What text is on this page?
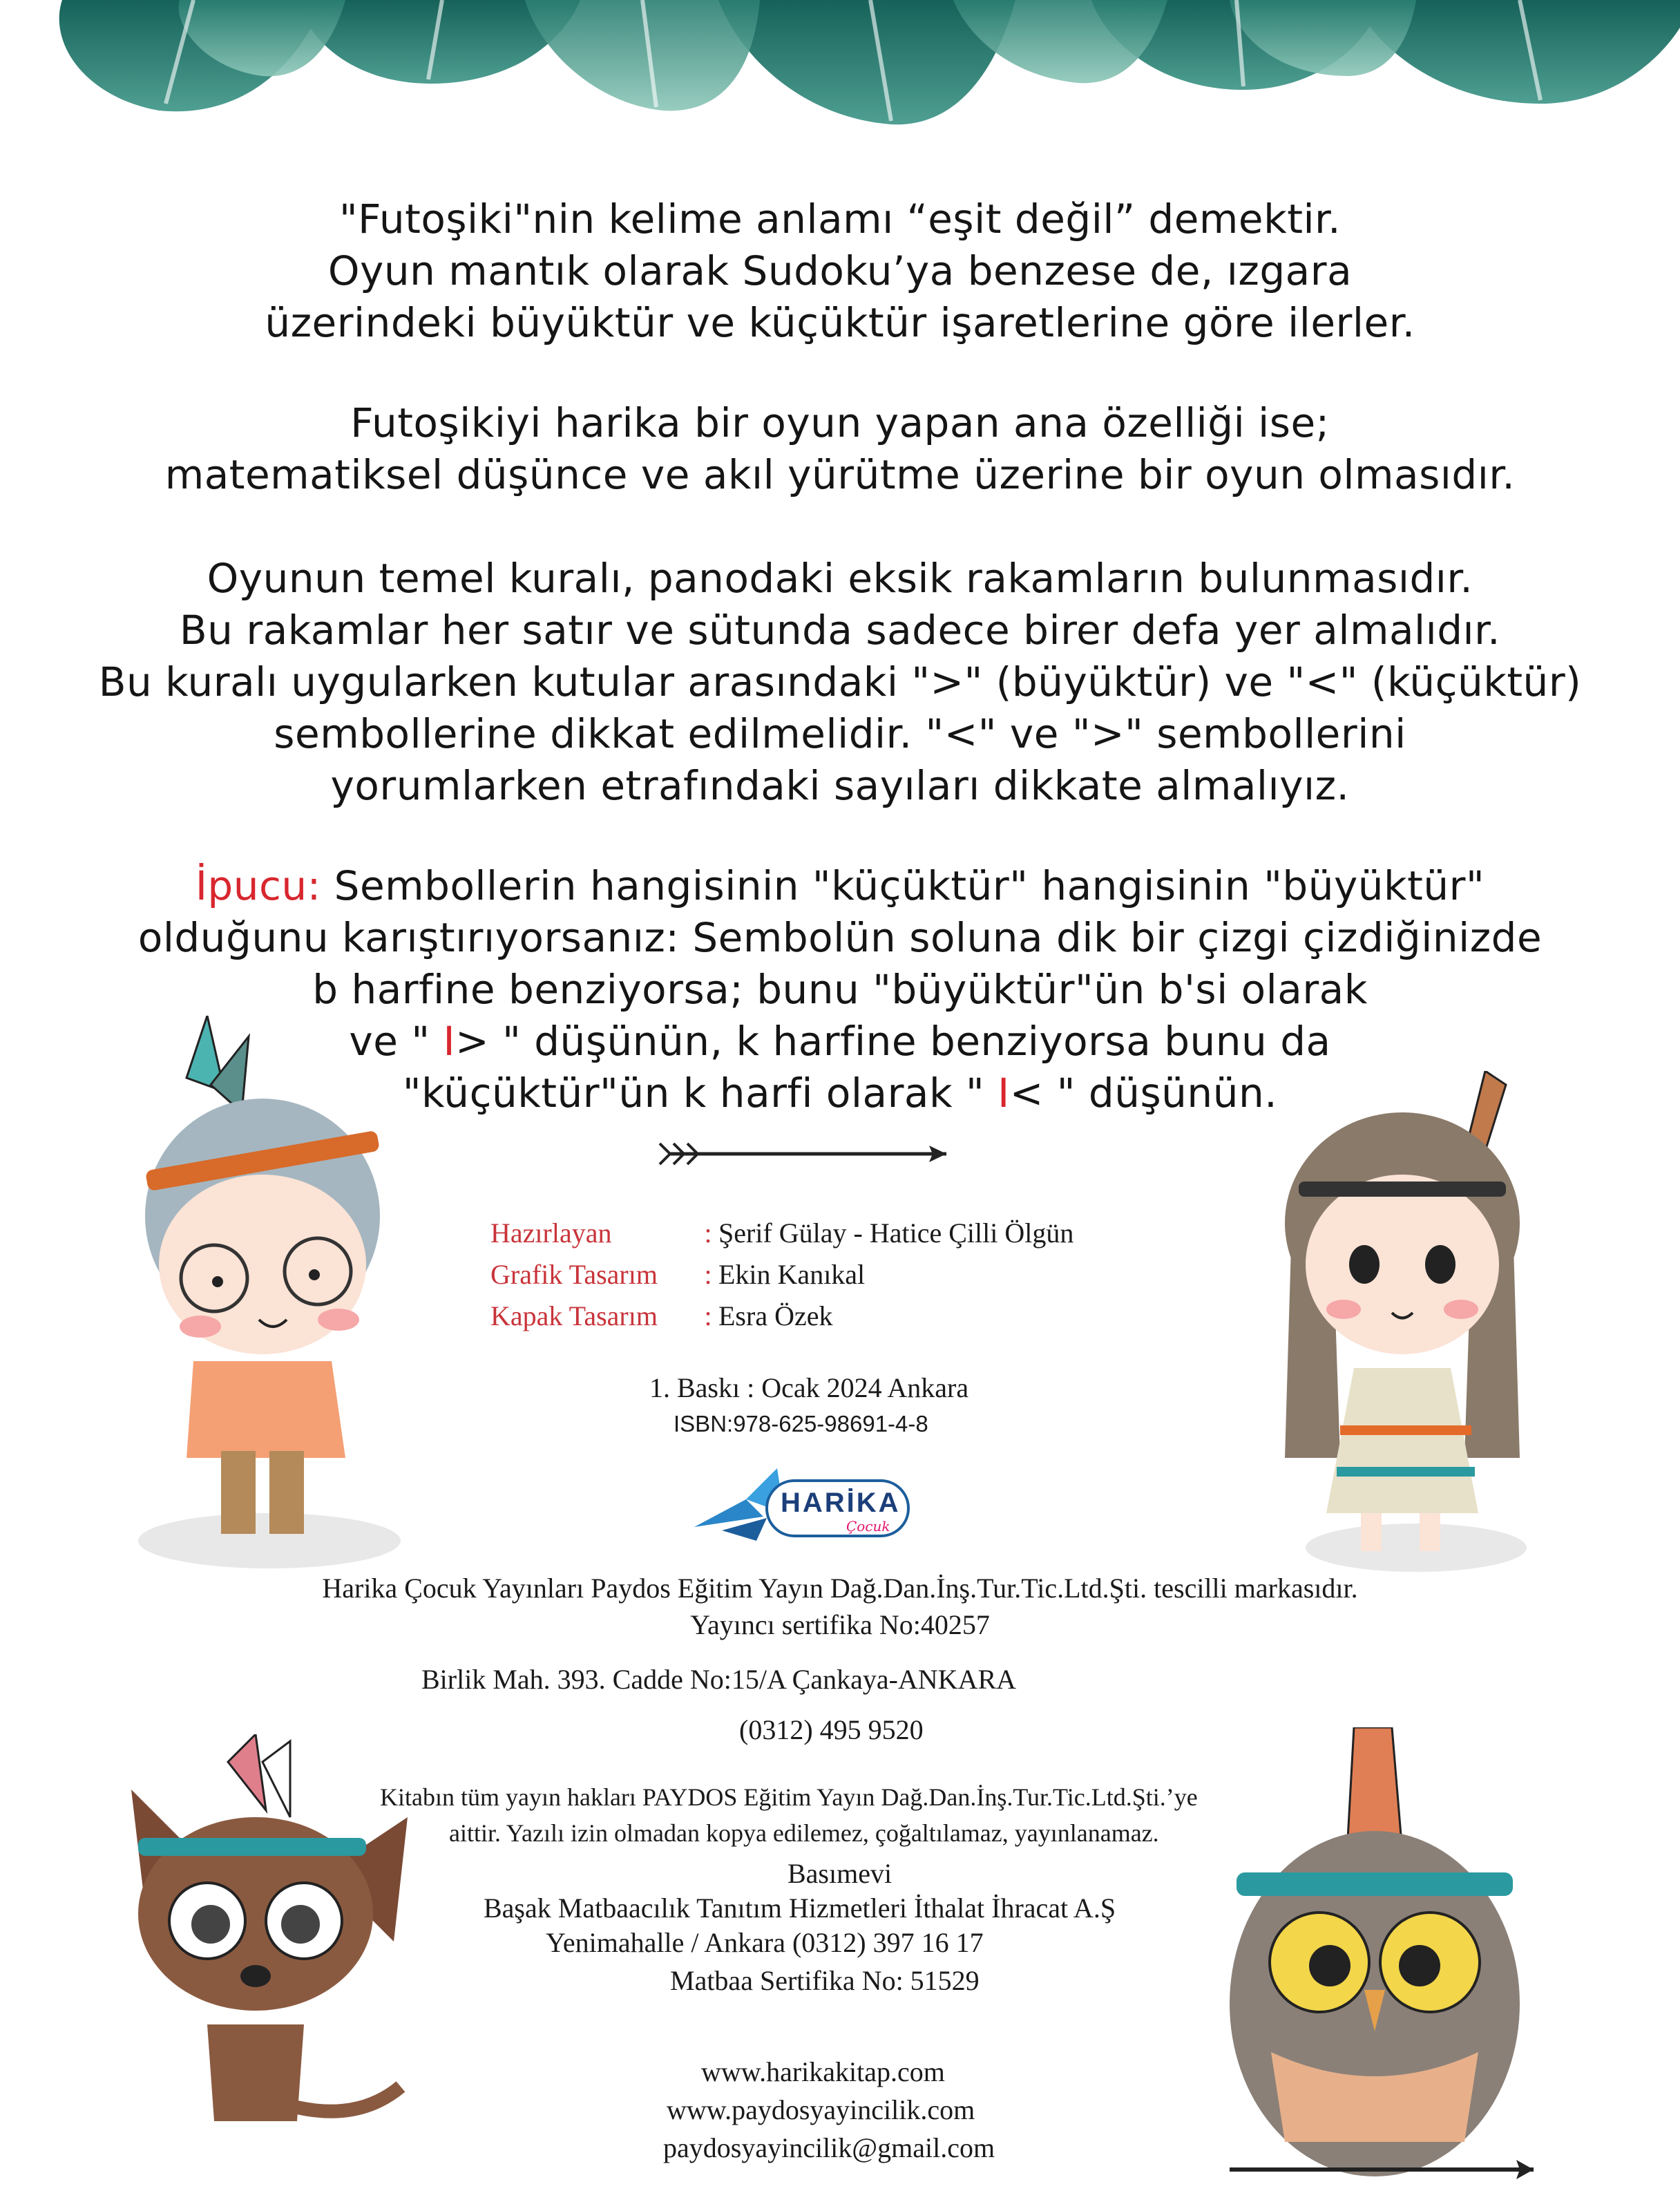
"Futoşiki"nin kelime anlamı “eşit değil” demektir.

Oyun mantık olarak Sudoku’ya benzese de, ızgara

üzerindeki büyüktür ve küçüktür işaretlerine göre ilerler.

Futoşikiyi harika bir oyun yapan ana özelliği ise;

matematiksel düşünce ve akıl yürütme üzerine bir oyun olmasıdır.

Oyunun temel kuralı, panodaki eksik rakamların bulunmasıdır.

Bu rakamlar her satır ve sütunda sadece birer defa yer almalıdır.

Bu kuralı uygularken kutular arasındaki ">" (büyüktür) ve "<" (küçüktür)

sembollerine dikkat edilmelidir. "<" ve ">" sembollerini

yorumlarken etrafındaki sayıları dikkate almalıyız.

İpucu: Sembollerin hangisinin "küçüktür" hangisinin "büyüktür"

olduğunu karıştırıyorsanız: Sembolün soluna dik bir çizgi çizdiğinizde

b harfine benziyorsa; bunu "büyüktür"ün b'si olarak

ve " I> " düşünün, k harfine benziyorsa bunu da

"küçüktür"ün k harfi olarak " I< " düşünün.

Hazırlayan	: Şerif Gülay - Hatice Çilli Ölgün
Grafik Tasarım	: Ekin Kanıkal
Kapak Tasarım	: Esra Özek
1. Baskı : Ocak 2024 Ankara
ISBN:978-625-98691-4-8
HARİKA
Çocuk
Harika Çocuk Yayınları Paydos Eğitim Yayın Dağ.Dan.İnş.Tur.Tic.Ltd.Şti. tescilli markasıdır.
Yayıncı sertifika No:40257
Birlik Mah. 393. Cadde No:15/A Çankaya-ANKARA
(0312) 495 9520
Kitabın tüm yayın hakları PAYDOS Eğitim Yayın Dağ.Dan.İnş.Tur.Tic.Ltd.Şti.’ye
aittir. Yazılı izin olmadan kopya edilemez, çoğaltılamaz, yayınlanamaz.
Basımevi
Başak Matbaacılık Tanıtım Hizmetleri İthalat İhracat A.Ş
Yenimahalle / Ankara (0312) 397 16 17
Matbaa Sertifika No: 51529
www.harikakitap.com
www.paydosyayincilik.com
paydosyayincilik@gmail.com
